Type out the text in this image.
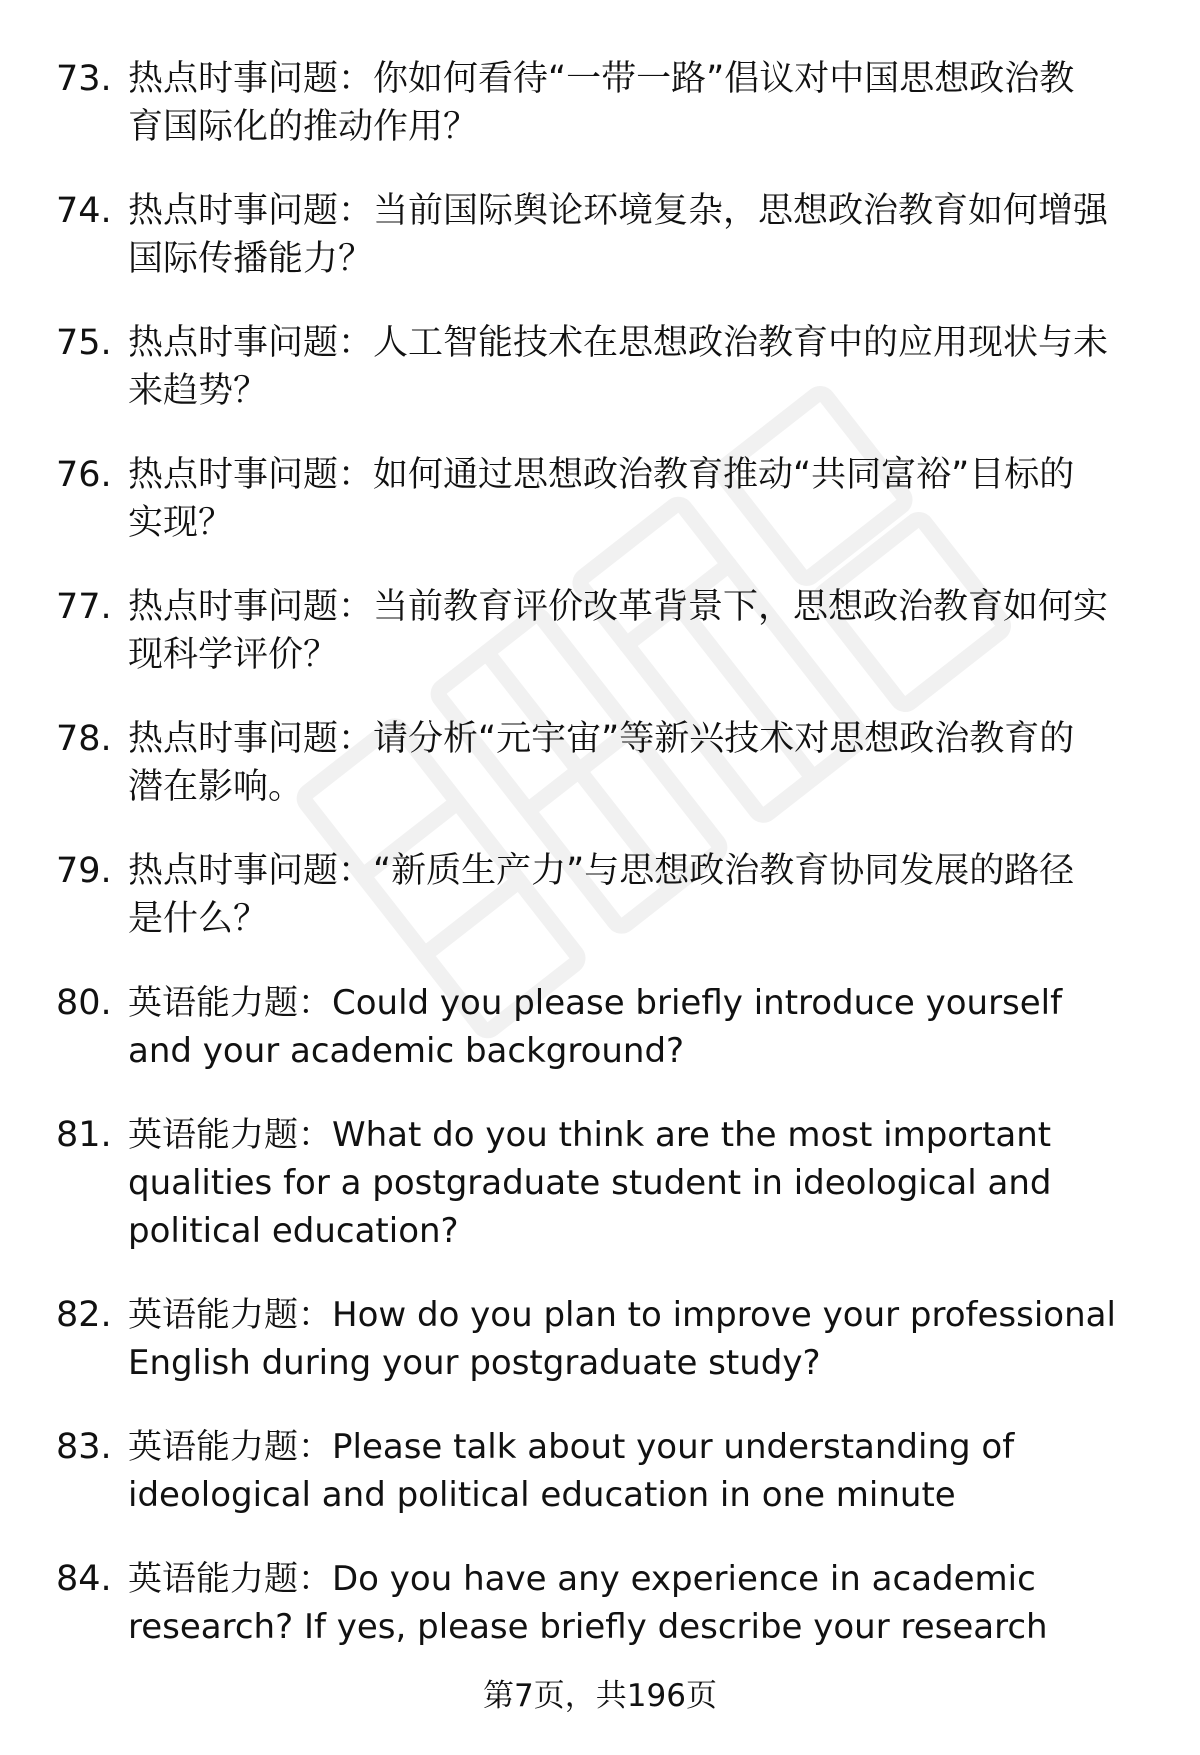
73. 热点时事问题：你如何看待“一带一路”倡议对中国思想政治教
育国际化的推动作用？
74. 热点时事问题：当前国际舆论环境复杂，思想政治教育如何增强
国际传播能力？
75. 热点时事问题：人工智能技术在思想政治教育中的应用现状与未
来趋势？
76. 热点时事问题：如何通过思想政治教育推动“共同富裕”目标的
实现？
77. 热点时事问题：当前教育评价改革背景下，思想政治教育如何实
现科学评价？
78. 热点时事问题：请分析“元宇宙”等新兴技术对思想政治教育的
潜在影响。
79. 热点时事问题：“新质生产力”与思想政治教育协同发展的路径
是什么？
80. 英语能力题：Could you please briefly introduce yourself
and your academic background?
81. 英语能力题：What do you think are the most important
qualities for a postgraduate student in ideological and
political education?
82. 英语能力题：How do you plan to improve your professional
English during your postgraduate study?
83. 英语能力题：Please talk about your understanding of
ideological and political education in one minute
84. 英语能力题：Do you have any experience in academic
research? If yes, please briefly describe your research
第7页，共196页
